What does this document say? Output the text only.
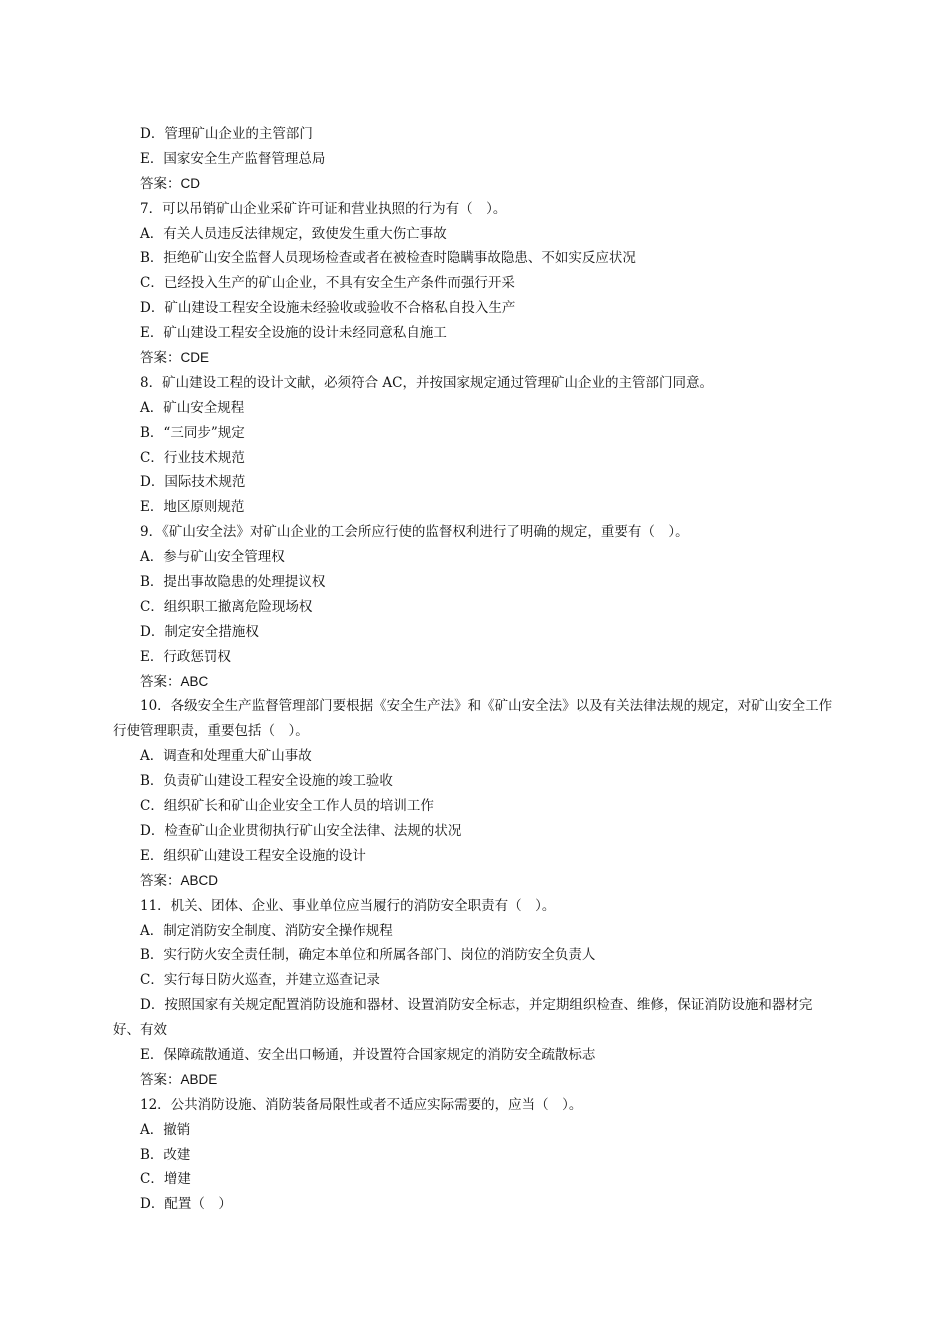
D．管理矿山企业的主管部门
E．国家安全生产监督管理总局
答案：CD
7．可以吊销矿山企业采矿许可证和营业执照的行为有（　）。
A．有关人员违反法律规定，致使发生重大伤亡事故
B．拒绝矿山安全监督人员现场检查或者在被检查时隐瞒事故隐患、不如实反应状况
C．已经投入生产的矿山企业，不具有安全生产条件而强行开采
D．矿山建设工程安全设施未经验收或验收不合格私自投入生产
E．矿山建设工程安全设施的设计未经同意私自施工
答案：CDE
8．矿山建设工程的设计文献，必须符合 AC，并按国家规定通过管理矿山企业的主管部门同意。
A．矿山安全规程
B．“三同步”规定
C．行业技术规范
D．国际技术规范
E．地区原则规范
9．《矿山安全法》对矿山企业的工会所应行使的监督权利进行了明确的规定，重要有（　）。
A．参与矿山安全管理权
B．提出事故隐患的处理提议权
C．组织职工撤离危险现场权
D．制定安全措施权
E．行政惩罚权
答案：ABC
10．各级安全生产监督管理部门要根据《安全生产法》和《矿山安全法》以及有关法律法规的规定，对矿山安全工作行使管理职责，重要包括（　）。
A．调查和处理重大矿山事故
B．负责矿山建设工程安全设施的竣工验收
C．组织矿长和矿山企业安全工作人员的培训工作
D．检查矿山企业贯彻执行矿山安全法律、法规的状况
E．组织矿山建设工程安全设施的设计
答案：ABCD
11．机关、团体、企业、事业单位应当履行的消防安全职责有（　）。
A．制定消防安全制度、消防安全操作规程
B．实行防火安全责任制，确定本单位和所属各部门、岗位的消防安全负责人
C．实行每日防火巡查，并建立巡查记录
D．按照国家有关规定配置消防设施和器材、设置消防安全标志，并定期组织检查、维修，保证消防设施和器材完好、有效
E．保障疏散通道、安全出口畅通，并设置符合国家规定的消防安全疏散标志
答案：ABDE
12．公共消防设施、消防装备局限性或者不适应实际需要的，应当（　）。
A．撤销
B．改建
C．增建
D．配置（　）
